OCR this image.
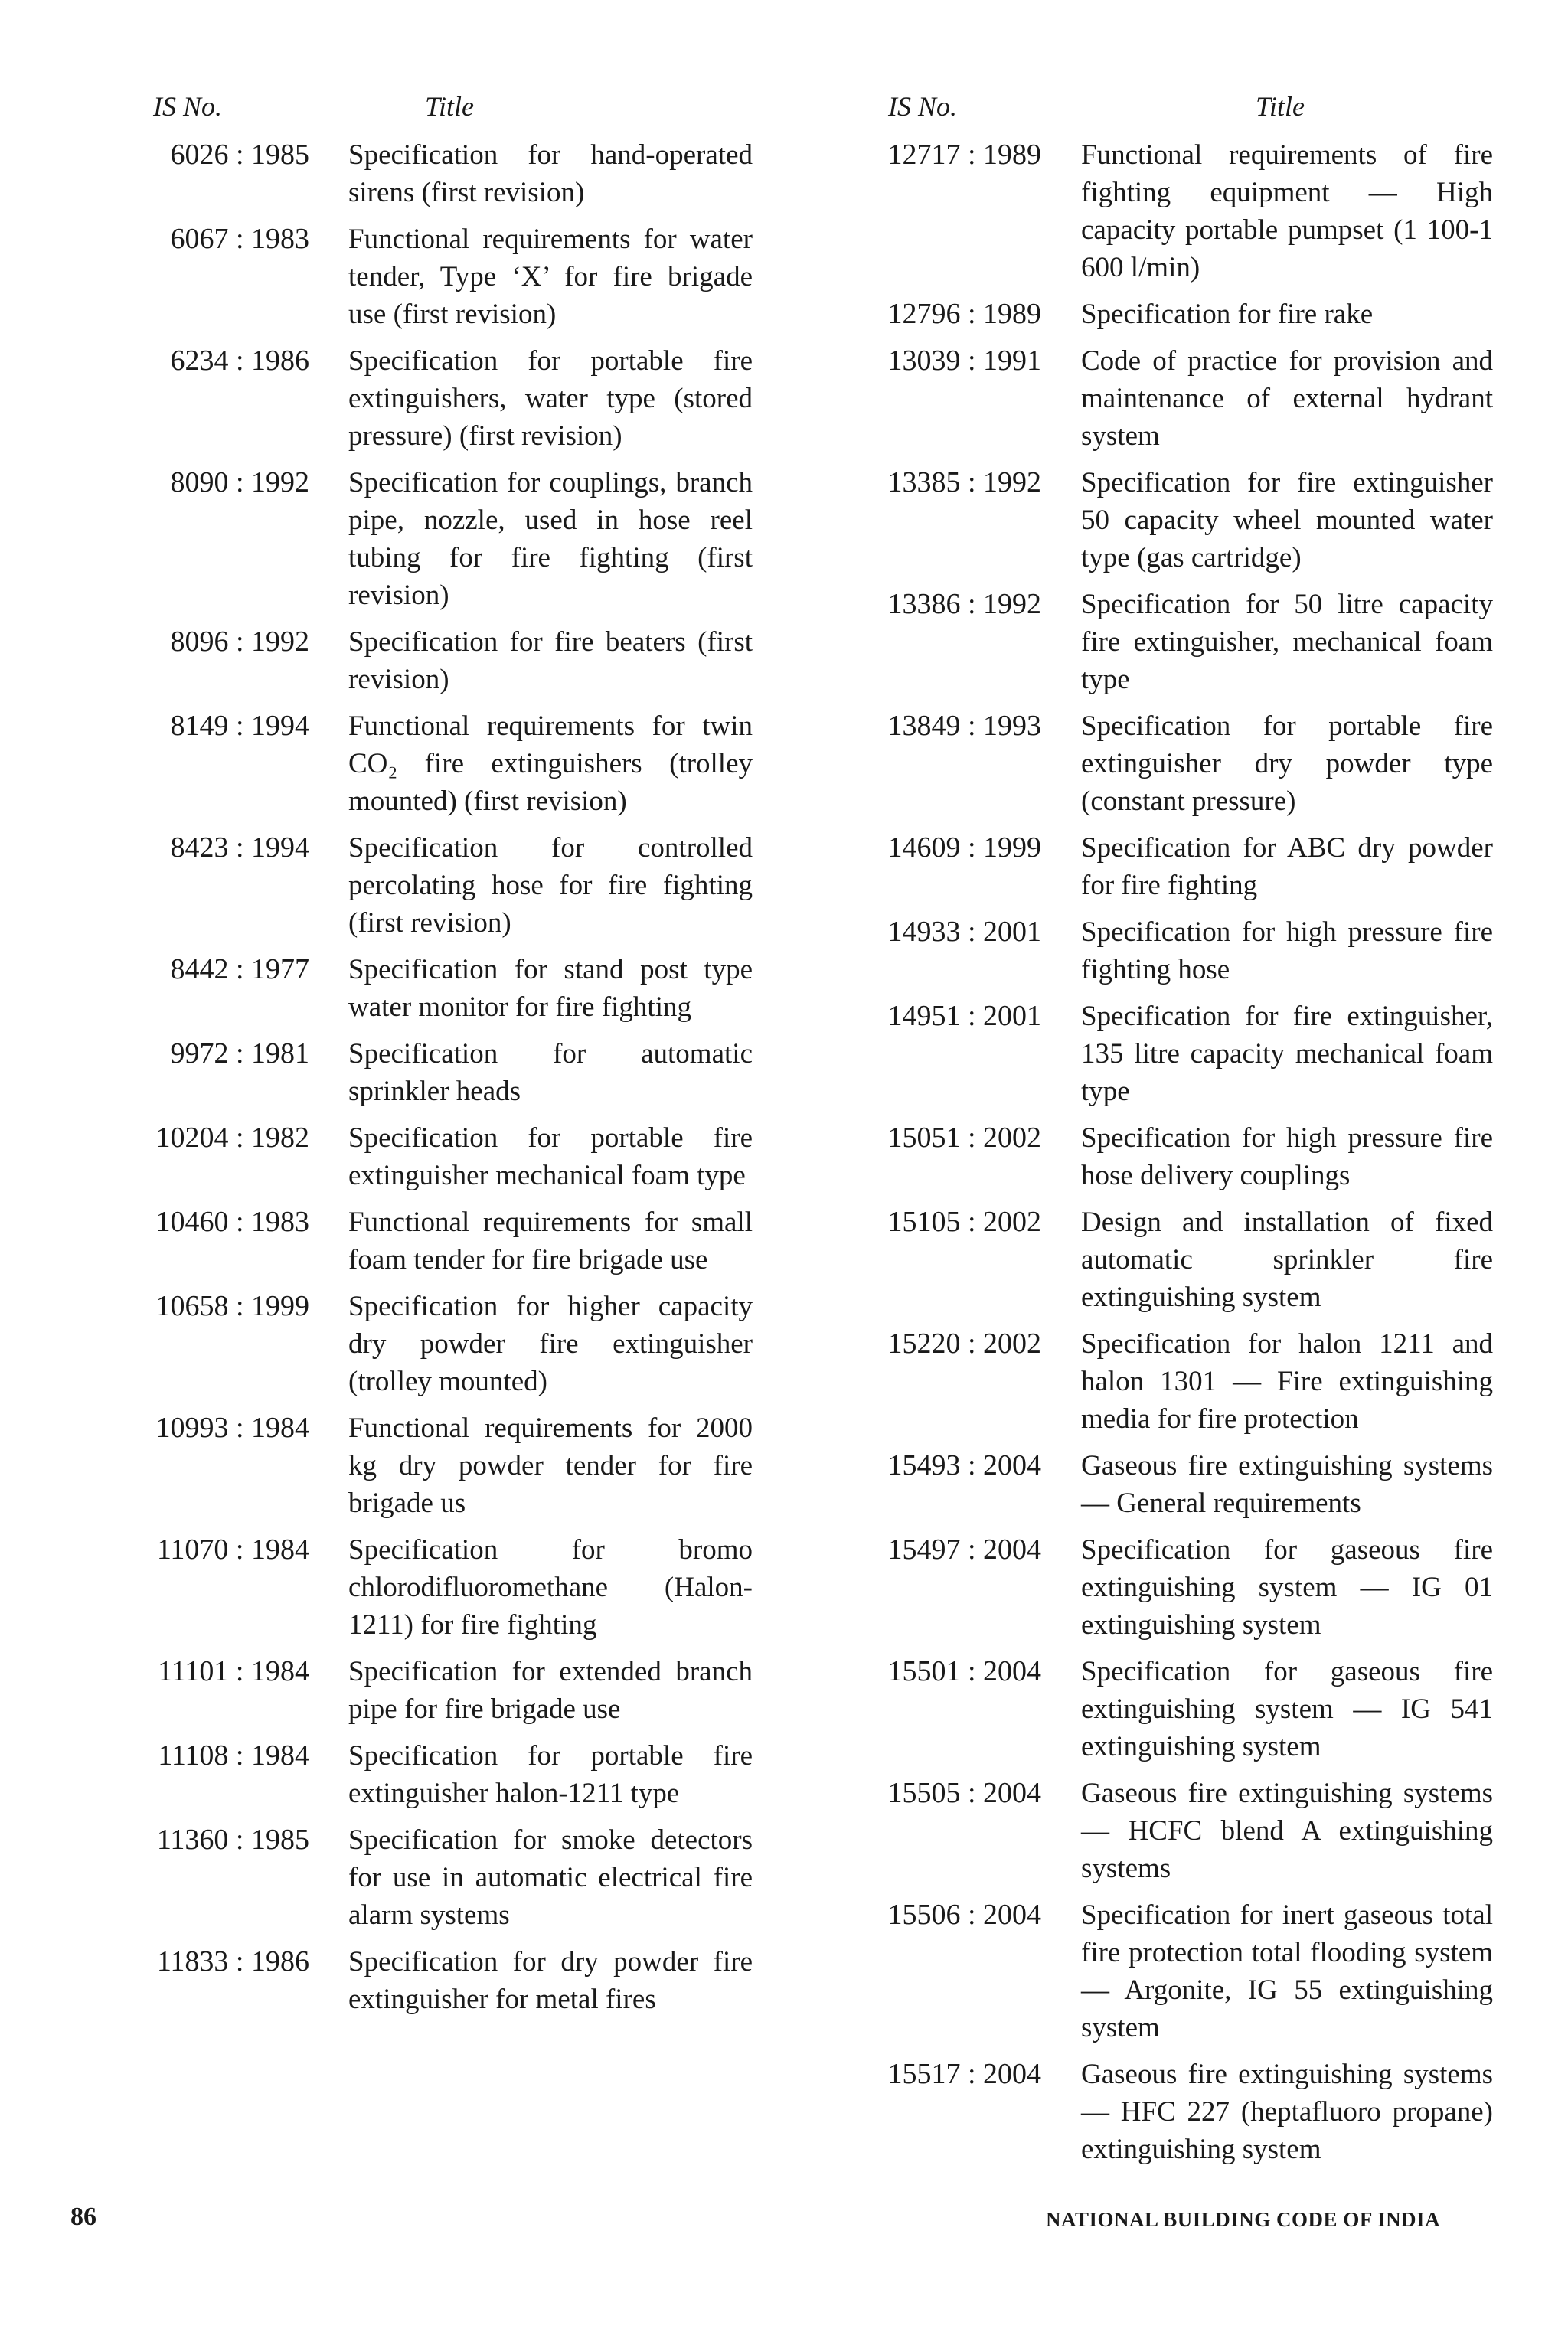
IS No.	Title
6026 : 1985 Specification for hand-operated sirens (first revision)
6067 : 1983 Functional requirements for water tender, Type ‘X’ for fire brigade use (first revision)
6234 : 1986 Specification for portable fire extinguishers, water type (stored pressure) (first revision)
8090 : 1992 Specification for couplings, branch pipe, nozzle, used in hose reel tubing for fire fighting (first revision)
8096 : 1992 Specification for fire beaters (first revision)
8149 : 1994 Functional requirements for twin CO₂ fire extinguishers (trolley mounted) (first revision)
8423 : 1994 Specification for controlled percolating hose for fire fighting (first revision)
8442 : 1977 Specification for stand post type water monitor for fire fighting
9972 : 1981 Specification for automatic sprinkler heads
10204 : 1982 Specification for portable fire extinguisher mechanical foam type
10460 : 1983 Functional requirements for small foam tender for fire brigade use
10658 : 1999 Specification for higher capacity dry powder fire extinguisher (trolley mounted)
10993 : 1984 Functional requirements for 2000 kg dry powder tender for fire brigade us
11070 : 1984 Specification for bromo chlorodifluoromethane (Halon-1211) for fire fighting
11101 : 1984 Specification for extended branch pipe for fire brigade use
11108 : 1984 Specification for portable fire extinguisher halon-1211 type
11360 : 1985 Specification for smoke detectors for use in automatic electrical fire alarm systems
11833 : 1986 Specification for dry powder fire extinguisher for metal fires
IS No.	Title
12717 : 1989 Functional requirements of fire fighting equipment — High capacity portable pumpset (1 100-1 600 l/min)
12796 : 1989 Specification for fire rake
13039 : 1991 Code of practice for provision and maintenance of external hydrant system
13385 : 1992 Specification for fire extinguisher 50 capacity wheel mounted water type (gas cartridge)
13386 : 1992 Specification for 50 litre capacity fire extinguisher, mechanical foam type
13849 : 1993 Specification for portable fire extinguisher dry powder type (constant pressure)
14609 : 1999 Specification for ABC dry powder for fire fighting
14933 : 2001 Specification for high pressure fire fighting hose
14951 : 2001 Specification for fire extinguisher, 135 litre capacity mechanical foam type
15051 : 2002 Specification for high pressure fire hose delivery couplings
15105 : 2002 Design and installation of fixed automatic sprinkler fire extinguishing system
15220 : 2002 Specification for halon 1211 and halon 1301 — Fire extinguishing media for fire protection
15493 : 2004 Gaseous fire extinguishing systems — General requirements
15497 : 2004 Specification for gaseous fire extinguishing system — IG 01 extinguishing system
15501 : 2004 Specification for gaseous fire extinguishing system — IG 541 extinguishing system
15505 : 2004 Gaseous fire extinguishing systems — HCFC blend A extinguishing systems
15506 : 2004 Specification for inert gaseous total fire protection total flooding system — Argonite, IG 55 extinguishing system
15517 : 2004 Gaseous fire extinguishing systems — HFC 227 (heptafluoro propane) extinguishing system
86	NATIONAL BUILDING CODE OF INDIA
